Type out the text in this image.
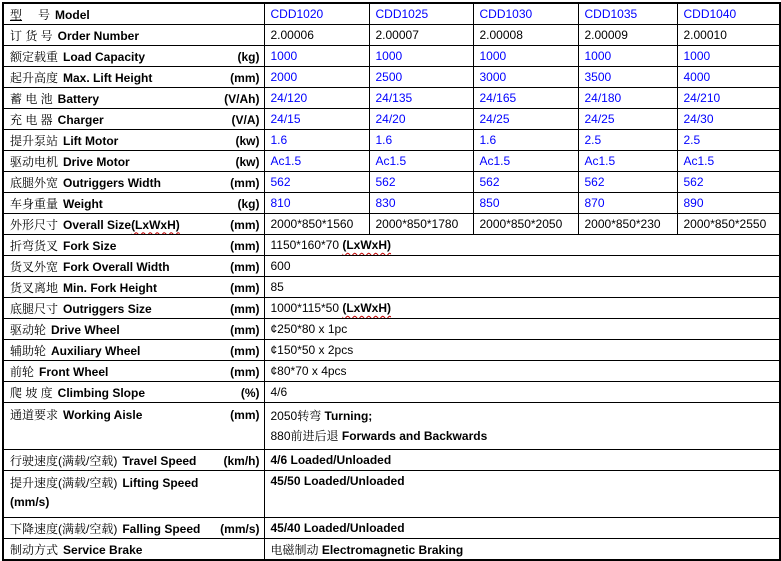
型 号 Model	CDD1020	CDD1025	CDD1030	CDD1035	CDD1040

订 货 号 Order Number	2.00006	2.00007	2.00008	2.00009	2.00010

额定载重 Load Capacity (kg)	1000	1000	1000	1000	1000

起升高度 Max. Lift Height (mm)	2000	2500	3000	3500	4000

蓄 电 池 Battery (V/Ah)	24/120	24/135	24/165	24/180	24/210

充 电 器 Charger (V/A)	24/15	24/20	24/25	24/25	24/30

提升泵站 Lift Motor (kw)	1.6	1.6	1.6	2.5	2.5

驱动电机 Drive Motor (kw)	Ac1.5	Ac1.5	Ac1.5	Ac1.5	Ac1.5

底腿外宽 Outriggers Width (mm)	562	562	562	562	562

车身重量 Weight (kg)	810	830	850	870	890

外形尺寸 Overall Size(LxWxH) (mm)	2000*850*1560	2000*850*1780	2000*850*2050	2000*850*230	2000*850*2550

折弯货叉 Fork Size (mm)	1150*160*70 (LxWxH)				

货叉外宽 Fork Overall Width (mm)	600				

货叉离地 Min. Fork Height (mm)	85				

底腿尺寸 Outriggers Size (mm)	1000*115*50 (LxWxH)				

驱动轮 Drive Wheel (mm)	¢250*80 x 1pc				

辅助轮 Auxiliary Wheel (mm)	¢150*50 x 2pcs				

前轮 Front Wheel (mm)	¢80*70 x 4pcs				

爬 坡 度 Climbing Slope (%)	4/6				

通道要求 Working Aisle	(mm)	2050转弯 Turning;
880前进后退 Forwards and Backwards

行驶速度(满载/空载) Travel Speed (km/h)	4/6 Loaded/Unloaded				

提升速度(满载/空载) Lifting Speed
(mm/s)	45/50 Loaded/Unloaded				

下降速度(满载/空载) Falling Speed (mm/s)	45/40 Loaded/Unloaded				

制动方式 Service Brake	电磁制动 Electromagnetic Braking				
